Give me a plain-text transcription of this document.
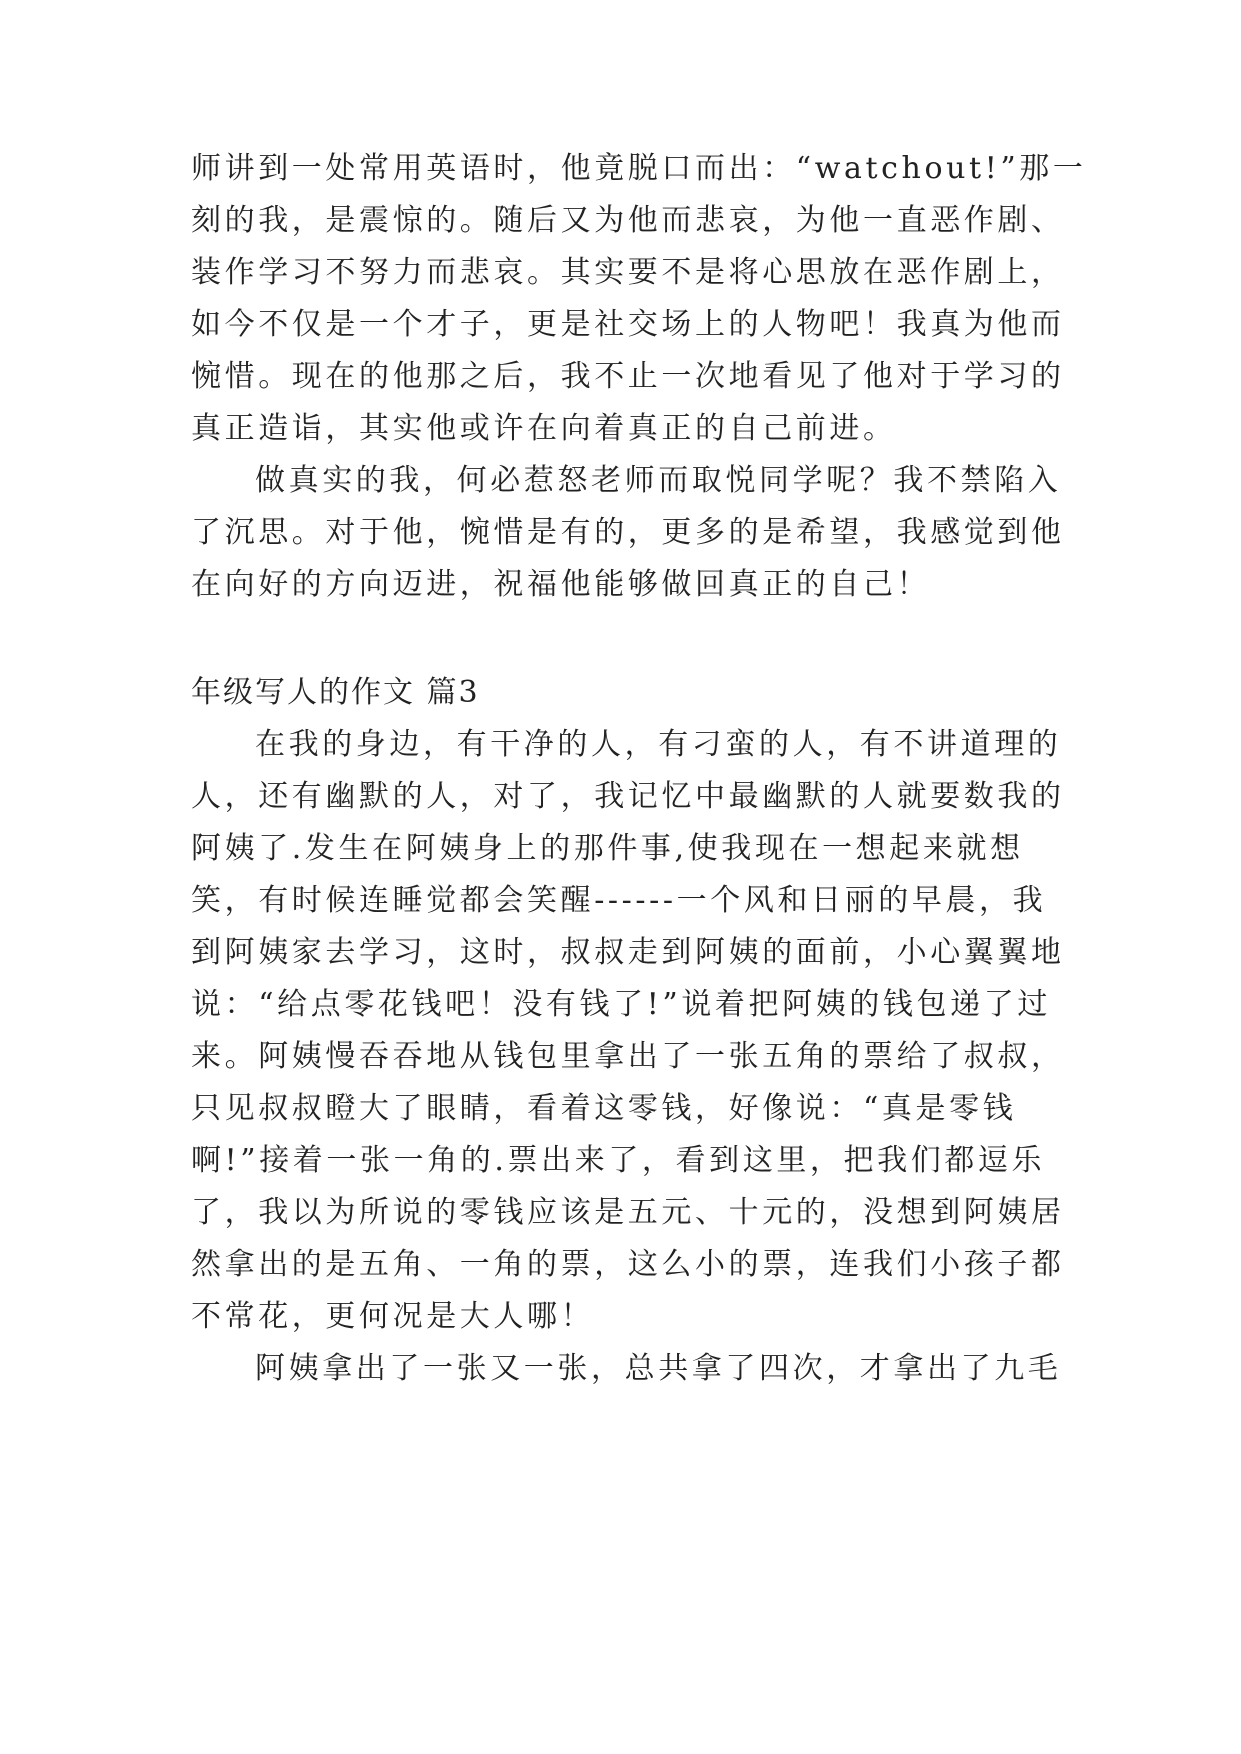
师讲到一处常用英语时，他竟脱口而出：“watchout!”那一

刻的我，是震惊的。随后又为他而悲哀，为他一直恶作剧、

装作学习不努力而悲哀。其实要不是将心思放在恶作剧上，

如今不仅是一个才子，更是社交场上的人物吧！我真为他而

惋惜。现在的他那之后，我不止一次地看见了他对于学习的

真正造诣，其实他或许在向着真正的自己前进。

做真实的我，何必惹怒老师而取悦同学呢？我不禁陷入

了沉思。对于他，惋惜是有的，更多的是希望，我感觉到他

在向好的方向迈进，祝福他能够做回真正的自己！

年级写人的作文 篇3

在我的身边，有干净的人，有刁蛮的人，有不讲道理的

人，还有幽默的人，对了，我记忆中最幽默的人就要数我的

阿姨了.发生在阿姨身上的那件事,使我现在一想起来就想

笑，有时候连睡觉都会笑醒------一个风和日丽的早晨，我

到阿姨家去学习，这时，叔叔走到阿姨的面前，小心翼翼地

说：“给点零花钱吧！没有钱了!”说着把阿姨的钱包递了过

来。阿姨慢吞吞地从钱包里拿出了一张五角的票给了叔叔，

只见叔叔瞪大了眼睛，看着这零钱，好像说：“真是零钱

啊!”接着一张一角的.票出来了，看到这里，把我们都逗乐

了，我以为所说的零钱应该是五元、十元的，没想到阿姨居

然拿出的是五角、一角的票，这么小的票，连我们小孩子都

不常花，更何况是大人哪！

阿姨拿出了一张又一张，总共拿了四次，才拿出了九毛
